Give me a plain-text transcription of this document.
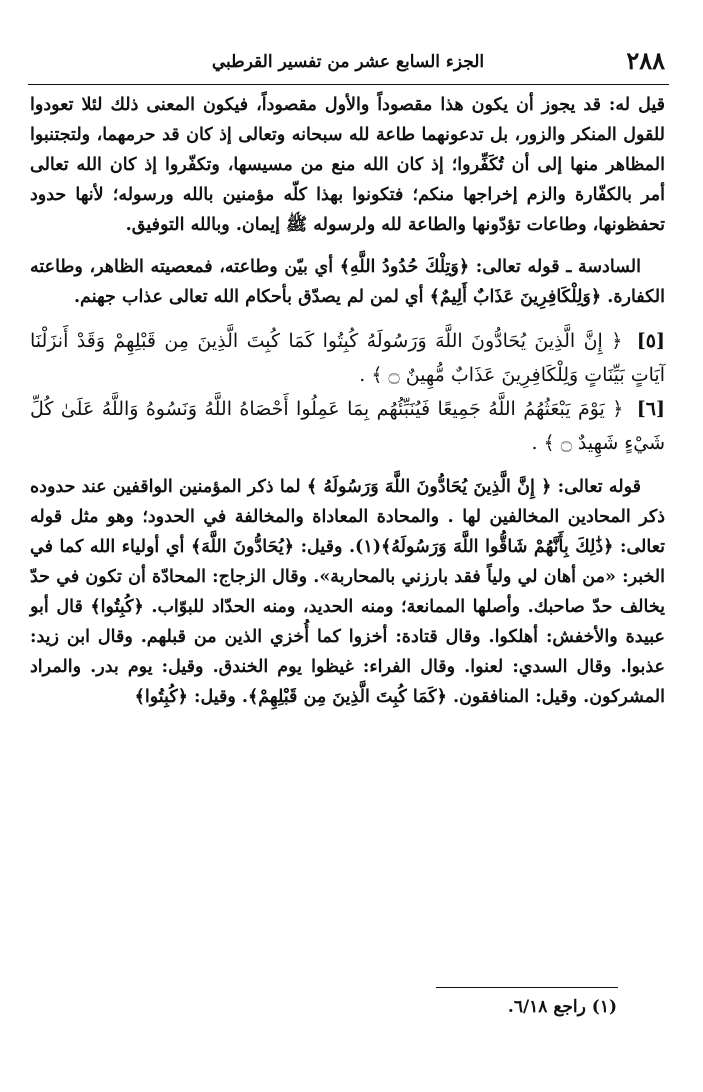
٢٨٨
الجزء السابع عشر من تفسير القرطبي

قيل له: قد يجوز أن يكون هذا مقصوداً والأول مقصوداً، فيكون المعنى ذلك لئلا تعودوا للقول المنكر والزور، بل تدعونهما طاعة لله سبحانه وتعالى إذ كان قد حرمهما، ولتجتنبوا المظاهر منها إلى أن تُكَفِّروا؛ إذ كان الله منع من مسيسها، وتكفّروا إذ كان الله تعالى أمر بالكفّارة والزم إخراجها منكم؛ فتكونوا بهذا كلّه مؤمنين بالله ورسوله؛ لأنها حدود تحفظونها، وطاعات تؤدّونها والطاعة لله ولرسوله ﷺ إيمان. وبالله التوفيق.

السادسة ـ قوله تعالى: ﴿وَتِلْكَ حُدُودُ اللَّهِ﴾ أي بيّن وطاعته، فمعصيته الظاهر، وطاعته الكفارة. ﴿وَلِلْكَافِرِينَ عَذَابٌ أَلِيمٌ﴾ أي لمن لم يصدّق بأحكام الله تعالى عذاب جهنم.

[٥] ﴿ إِنَّ الَّذِينَ يُحَادُّونَ اللَّهَ وَرَسُولَهُ كُبِتُوا كَمَا كُبِتَ الَّذِينَ مِن قَبْلِهِمْ وَقَدْ أَنزَلْنَا آيَاتٍ بَيِّنَاتٍ وَلِلْكَافِرِينَ عَذَابٌ مُّهِينٌ ۝ ﴾ .

[٦] ﴿ يَوْمَ يَبْعَثُهُمُ اللَّهُ جَمِيعًا فَيُنَبِّئُهُم بِمَا عَمِلُوا أَحْصَاهُ اللَّهُ وَنَسُوهُ وَاللَّهُ عَلَىٰ كُلِّ شَيْءٍ شَهِيدٌ ۝ ﴾ .

قوله تعالى: ﴿ إِنَّ الَّذِينَ يُحَادُّونَ اللَّهَ وَرَسُولَهُ ﴾ لما ذكر المؤمنين الواقفين عند حدوده ذكر المحادين المخالفين لها . والمحادة المعاداة والمخالفة في الحدود؛ وهو مثل قوله تعالى: ﴿ذَٰلِكَ بِأَنَّهُمْ شَاقُّوا اللَّهَ وَرَسُولَهُ﴾(١). وقيل: ﴿يُحَادُّونَ اللَّهَ﴾ أي أولياء الله كما في الخبر: «من أهان لي ولياً فقد بارزني بالمحاربة». وقال الزجاج: المحادّة أن تكون في حدّ يخالف حدّ صاحبك. وأصلها الممانعة؛ ومنه الحديد، ومنه الحدّاد للبوّاب. ﴿كُبِتُوا﴾ قال أبو عبيدة والأخفش: أهلكوا. وقال قتادة: أخزوا كما أُخزي الذين من قبلهم. وقال ابن زيد: عذبوا. وقال السدي: لعنوا. وقال الفراء: غيظوا يوم الخندق. وقيل: يوم بدر. والمراد المشركون. وقيل: المنافقون. ﴿كَمَا كُبِتَ الَّذِينَ مِن قَبْلِهِمْ﴾. وقيل: ﴿كُبِتُوا﴾

(١) راجع ٦/١٨.
